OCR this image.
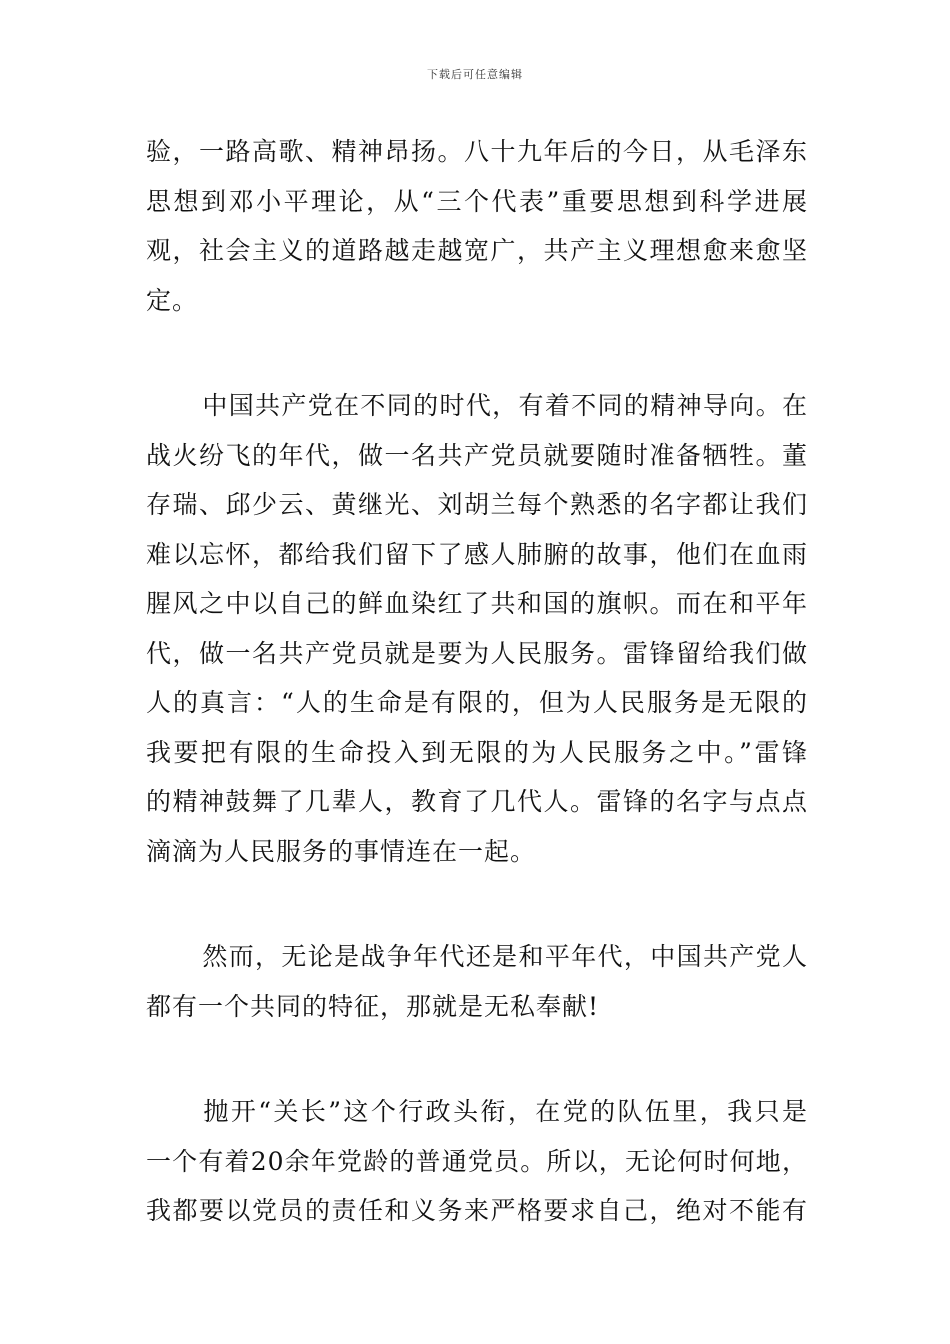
下载后可任意编辑

验，一路高歌、精神昂扬。八十九年后的今日，从毛泽东
思想到邓小平理论，从“三个代表”重要思想到科学进展
观，社会主义的道路越走越宽广，共产主义理想愈来愈坚
定。

中国共产党在不同的时代，有着不同的精神导向。在
战火纷飞的年代，做一名共产党员就要随时准备牺牲。董
存瑞、邱少云、黄继光、刘胡兰每个熟悉的名字都让我们
难以忘怀，都给我们留下了感人肺腑的故事，他们在血雨
腥风之中以自己的鲜血染红了共和国的旗帜。而在和平年
代，做一名共产党员就是要为人民服务。雷锋留给我们做
人的真言：“人的生命是有限的，但为人民服务是无限的
我要把有限的生命投入到无限的为人民服务之中。”雷锋
的精神鼓舞了几辈人，教育了几代人。雷锋的名字与点点
滴滴为人民服务的事情连在一起。

然而，无论是战争年代还是和平年代，中国共产党人
都有一个共同的特征，那就是无私奉献!

抛开“关长”这个行政头衔，在党的队伍里，我只是
一个有着20余年党龄的普通党员。所以，无论何时何地，
我都要以党员的责任和义务来严格要求自己，绝对不能有
